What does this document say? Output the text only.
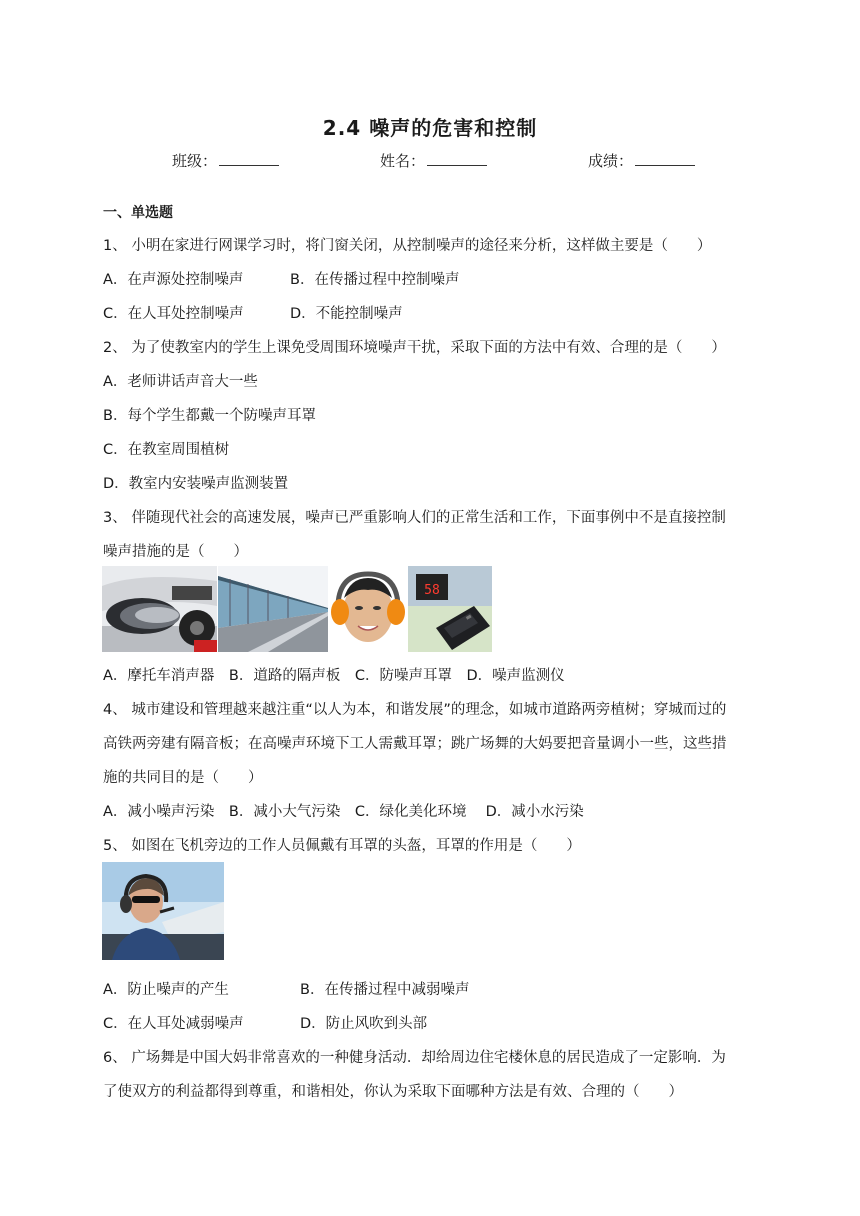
2.4 噪声的危害和控制
班级：	姓名：	成绩：
一、单选题
1、 小明在家进行网课学习时，将门窗关闭，从控制噪声的途径来分析，这样做主要是（　　）
A．在声源处控制噪声	B．在传播过程中控制噪声
C．在人耳处控制噪声	D．不能控制噪声
2、 为了使教室内的学生上课免受周围环境噪声干扰，采取下面的方法中有效、合理的是（　　）
A．老师讲话声音大一些
B．每个学生都戴一个防噪声耳罩
C．在教室周围植树
D．教室内安装噪声监测装置
3、 伴随现代社会的高速发展，噪声已严重影响人们的正常生活和工作，下面事例中不是直接控制
噪声措施的是（　　）
58
A．摩托车消声器　B．道路的隔声板　C．防噪声耳罩　D．噪声监测仪
4、 城市建设和管理越来越注重“以人为本，和谐发展”的理念，如城市道路两旁植树；穿城而过的
高铁两旁建有隔音板；在高噪声环境下工人需戴耳罩；跳广场舞的大妈要把音量调小一些，这些措
施的共同目的是（　　）
A．减小噪声污染　B．减小大气污染　C．绿化美化环境　 D．减小水污染
5、 如图在飞机旁边的工作人员佩戴有耳罩的头盔，耳罩的作用是（　　）
A．防止噪声的产生	B．在传播过程中减弱噪声
C．在人耳处减弱噪声	D．防止风吹到头部
6、 广场舞是中国大妈非常喜欢的一种健身活动．却给周边住宅楼休息的居民造成了一定影响．为
了使双方的利益都得到尊重，和谐相处，你认为采取下面哪种方法是有效、合理的（　　）
